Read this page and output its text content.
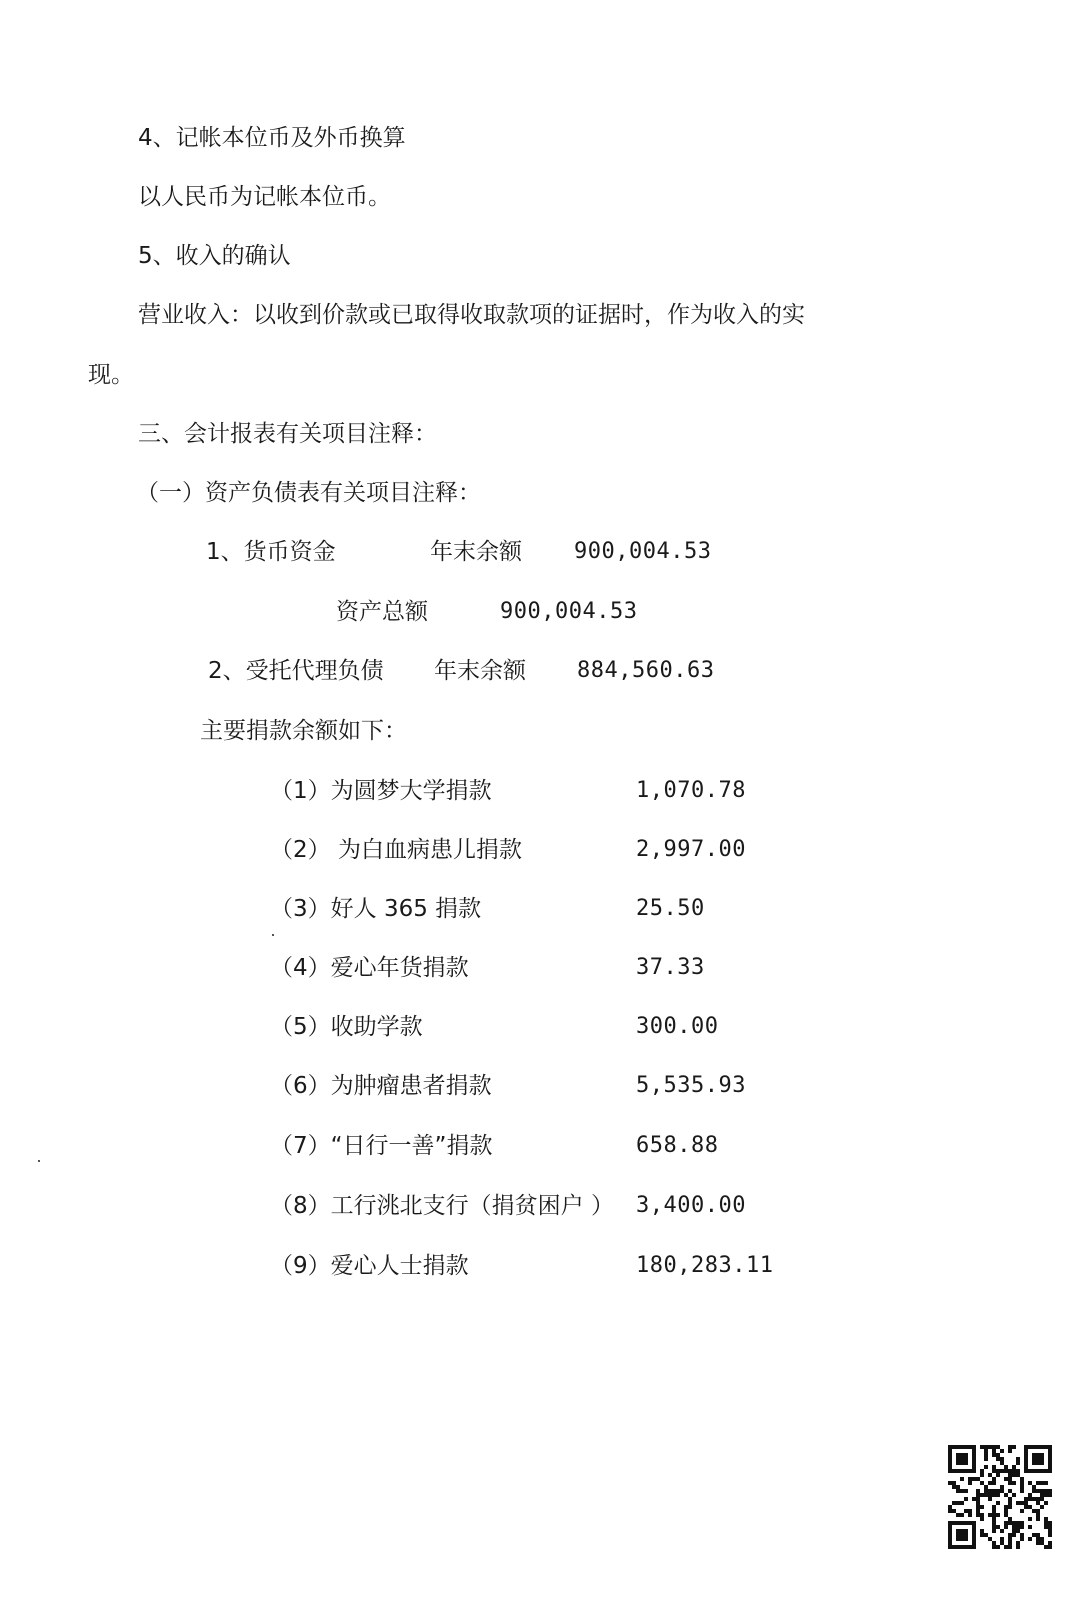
4、记帐本位币及外币换算
以人民币为记帐本位币。
5、收入的确认
营业收入：以收到价款或已取得收取款项的证据时，作为收入的实
现。
三、会计报表有关项目注释：
（一）资产负债表有关项目注释：
1、货币资金	年末余额 900,004.53
资产总额	900,004.53
2、受托代理负债 年末余额 884,560.63
主要捐款余额如下：
（1）为圆梦大学捐款	1,070.78
（2） 为白血病患儿捐款	2,997.00
（3）好人 365 捐款	25.50
（4）爱心年货捐款	37.33
（5）收助学款	300.00
（6）为肿瘤患者捐款	5,535.93
（7）“日行一善”捐款	658.88
（8）工行洮北支行（捐贫困户 ） 3,400.00
（9）爱心人士捐款	180,283.11
